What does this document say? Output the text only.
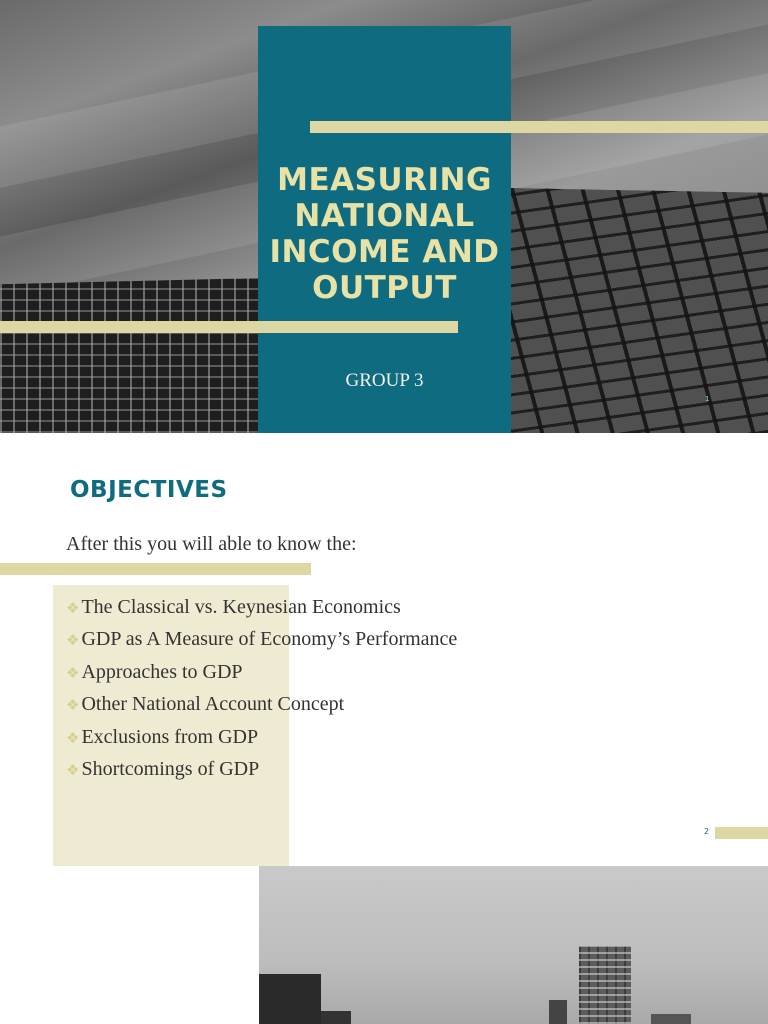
MEASURING
NATIONAL
INCOME AND
OUTPUT
GROUP 3
1
OBJECTIVES
After this you will able to know the:
❖ The Classical vs. Keynesian Economics
❖ GDP as A Measure of Economy’s Performance
❖ Approaches to GDP
❖ Other National Account Concept
❖ Exclusions from GDP
❖ Shortcomings of GDP
2
